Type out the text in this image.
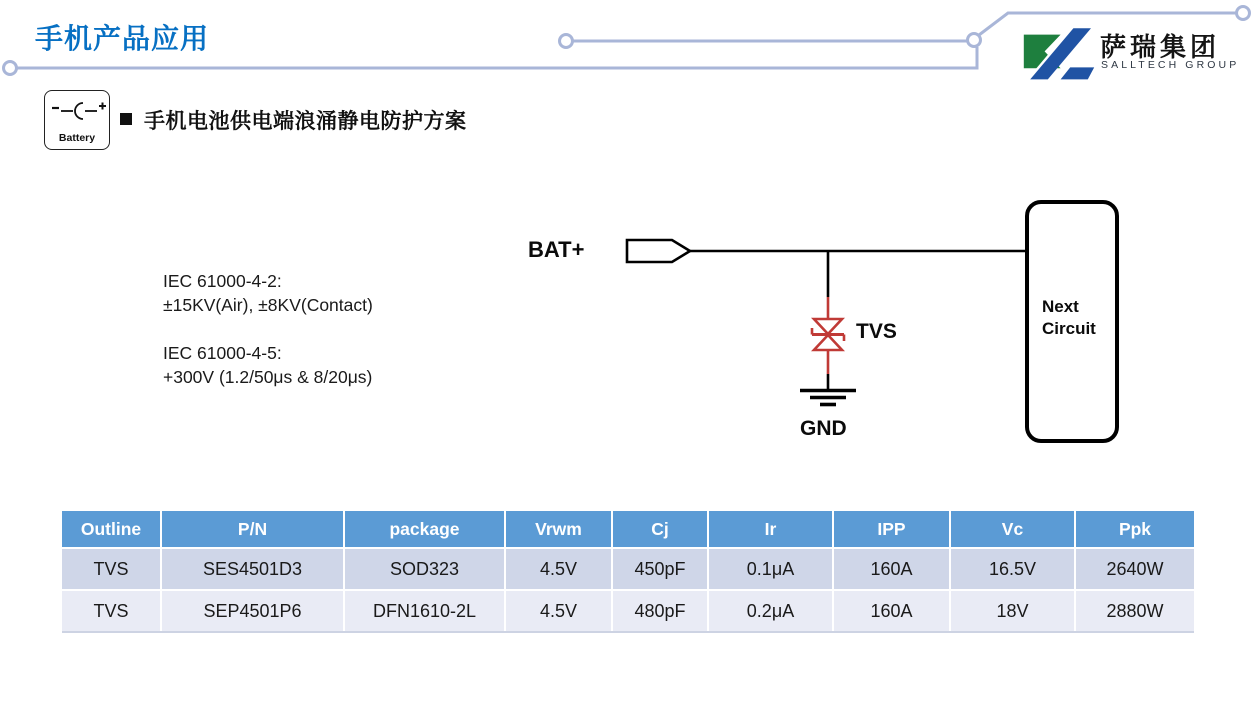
手机产品应用	萨瑞集团
SALLTECH GROUP
Battery
手机电池供电端浪涌静电防护方案
IEC 61000-4-2:
±15KV(Air), ±8KV(Contact)
IEC 61000-4-5:
+300V (1.2/50μs & 8/20μs)
BAT+
TVS
GND
Next
Circuit
Outline	P/N	package	Vrwm	Cj	Ir	IPP	Vc	Ppk
TVS	SES4501D3	SOD323	4.5V	450pF	0.1μA	160A	16.5V	2640W
TVS	SEP4501P6	DFN1610-2L	4.5V	480pF	0.2μA	160A	18V	2880W
